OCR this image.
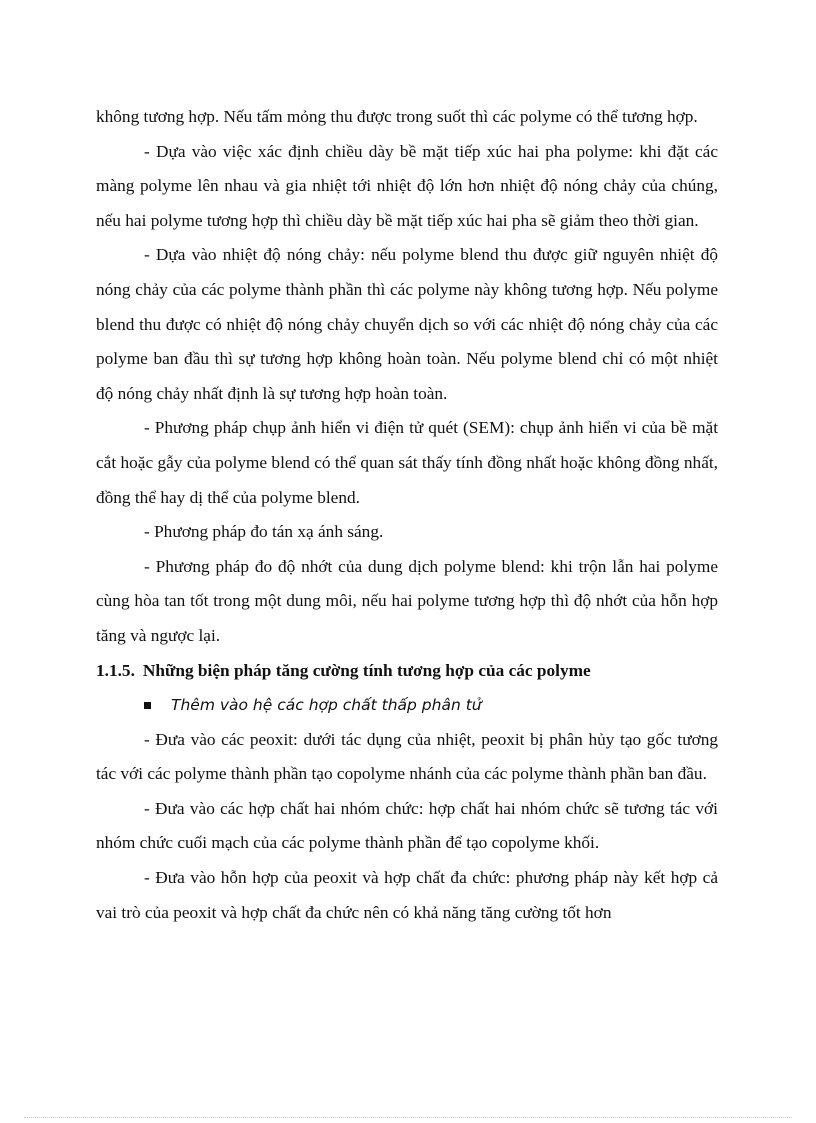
không tương hợp. Nếu tấm mỏng thu được trong suốt thì các polyme có thể tương hợp.

- Dựa vào việc xác định chiều dày bề mặt tiếp xúc hai pha polyme: khi đặt các màng polyme lên nhau và gia nhiệt tới nhiệt độ lớn hơn nhiệt độ nóng chảy của chúng, nếu hai polyme tương hợp thì chiều dày bề mặt tiếp xúc hai pha sẽ giảm theo thời gian.

- Dựa vào nhiệt độ nóng chảy: nếu polyme blend thu được giữ nguyên nhiệt độ nóng chảy của các polyme thành phần thì các polyme này không tương hợp. Nếu polyme blend thu được có nhiệt độ nóng chảy chuyển dịch so với các nhiệt độ nóng chảy của các polyme ban đầu thì sự tương hợp không hoàn toàn. Nếu polyme blend chỉ có một nhiệt độ nóng chảy nhất định là sự tương hợp hoàn toàn.

- Phương pháp chụp ảnh hiển vi điện tử quét (SEM): chụp ảnh hiển vi của bề mặt cắt hoặc gẫy của polyme blend có thể quan sát thấy tính đồng nhất hoặc không đồng nhất, đồng thể hay dị thể của polyme blend.

- Phương pháp đo tán xạ ánh sáng.

- Phương pháp đo độ nhớt của dung dịch polyme blend: khi trộn lẫn hai polyme cùng hòa tan tốt trong một dung môi, nếu hai polyme tương hợp thì độ nhớt của hỗn hợp tăng và ngược lại.

1.1.5. Những biện pháp tăng cường tính tương hợp của các polyme

Thêm vào hệ các hợp chất thấp phân tử

- Đưa vào các peoxit: dưới tác dụng của nhiệt, peoxit bị phân hủy tạo gốc tương tác với các polyme thành phần tạo copolyme nhánh của các polyme thành phần ban đầu.

- Đưa vào các hợp chất hai nhóm chức: hợp chất hai nhóm chức sẽ tương tác với nhóm chức cuối mạch của các polyme thành phần để tạo copolyme khối.

- Đưa vào hỗn hợp của peoxit và hợp chất đa chức: phương pháp này kết hợp cả vai trò của peoxit và hợp chất đa chức nên có khả năng tăng cường tốt hơn
